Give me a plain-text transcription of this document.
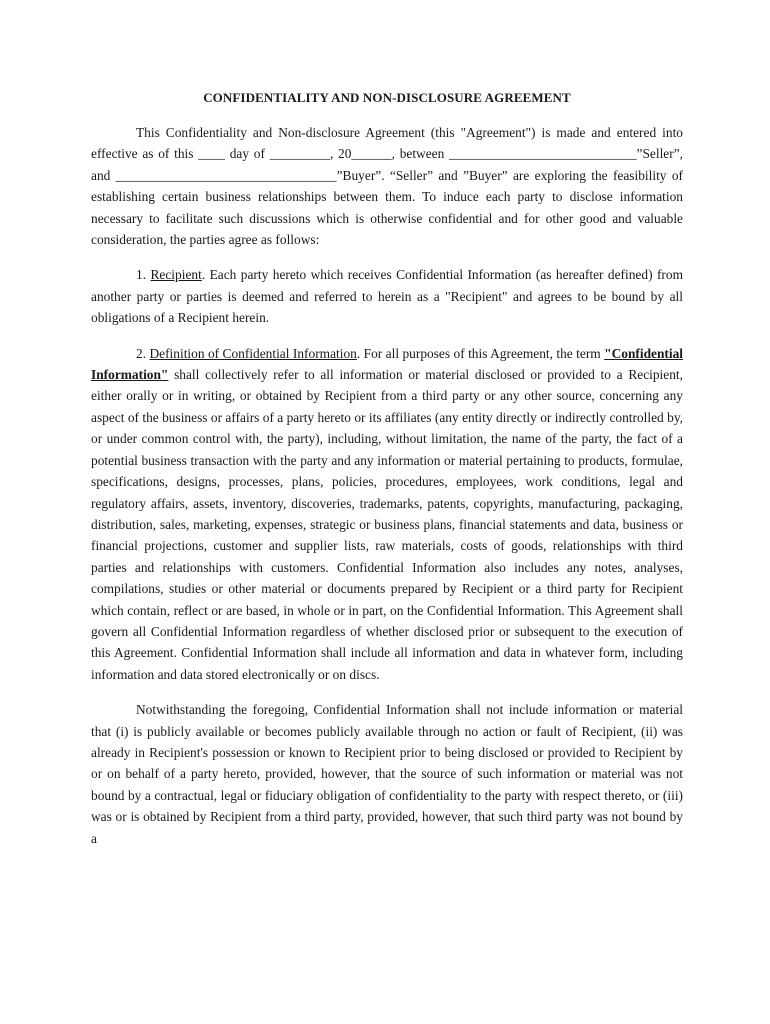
CONFIDENTIALITY AND NON-DISCLOSURE AGREEMENT

This Confidentiality and Non-disclosure Agreement (this "Agreement") is made and entered into effective as of this ____ day of _________, 20______, between ____________________________”Seller”, and _________________________________”Buyer”. “Seller” and ”Buyer” are exploring the feasibility of establishing certain business relationships between them. To induce each party to disclose information necessary to facilitate such discussions which is otherwise confidential and for other good and valuable consideration, the parties agree as follows:

1. Recipient. Each party hereto which receives Confidential Information (as hereafter defined) from another party or parties is deemed and referred to herein as a "Recipient" and agrees to be bound by all obligations of a Recipient herein.

2. Definition of Confidential Information. For all purposes of this Agreement, the term "Confidential Information" shall collectively refer to all information or material disclosed or provided to a Recipient, either orally or in writing, or obtained by Recipient from a third party or any other source, concerning any aspect of the business or affairs of a party hereto or its affiliates (any entity directly or indirectly controlled by, or under common control with, the party), including, without limitation, the name of the party, the fact of a potential business transaction with the party and any information or material pertaining to products, formulae, specifications, designs, processes, plans, policies, procedures, employees, work conditions, legal and regulatory affairs, assets, inventory, discoveries, trademarks, patents, copyrights, manufacturing, packaging, distribution, sales, marketing, expenses, strategic or business plans, financial statements and data, business or financial projections, customer and supplier lists, raw materials, costs of goods, relationships with third parties and relationships with customers. Confidential Information also includes any notes, analyses, compilations, studies or other material or documents prepared by Recipient or a third party for Recipient which contain, reflect or are based, in whole or in part, on the Confidential Information. This Agreement shall govern all Confidential Information regardless of whether disclosed prior or subsequent to the execution of this Agreement. Confidential Information shall include all information and data in whatever form, including information and data stored electronically or on discs.

Notwithstanding the foregoing, Confidential Information shall not include information or material that (i) is publicly available or becomes publicly available through no action or fault of Recipient, (ii) was already in Recipient's possession or known to Recipient prior to being disclosed or provided to Recipient by or on behalf of a party hereto, provided, however, that the source of such information or material was not bound by a contractual, legal or fiduciary obligation of confidentiality to the party with respect thereto, or (iii) was or is obtained by Recipient from a third party, provided, however, that such third party was not bound by a
